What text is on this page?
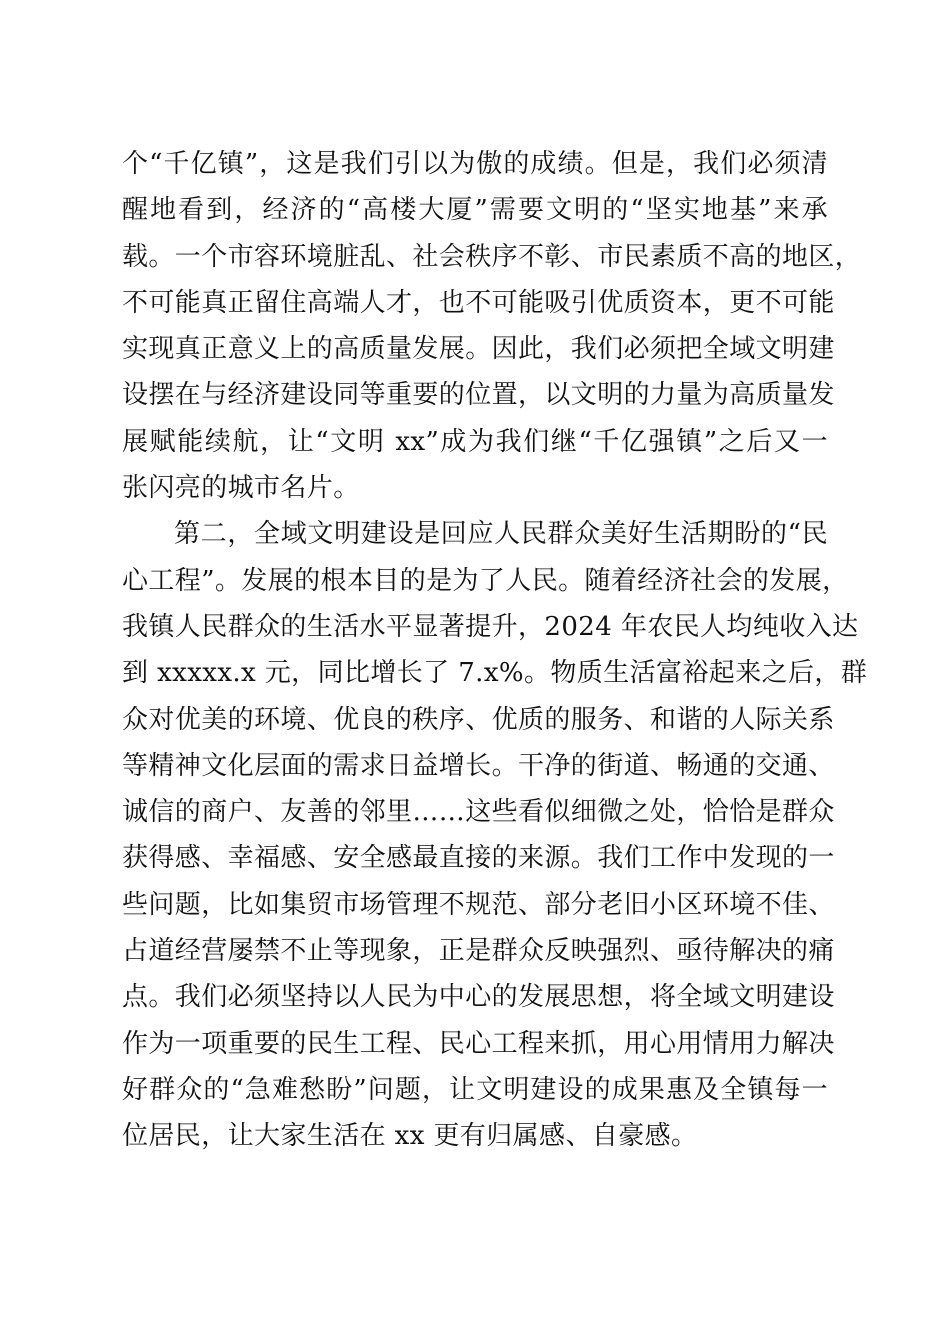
个“千亿镇”，这是我们引以为傲的成绩。但是，我们必须清
醒地看到，经济的“高楼大厦”需要文明的“坚实地基”来承
载。一个市容环境脏乱、社会秩序不彰、市民素质不高的地区，
不可能真正留住高端人才，也不可能吸引优质资本，更不可能
实现真正意义上的高质量发展。因此，我们必须把全域文明建
设摆在与经济建设同等重要的位置，以文明的力量为高质量发
展赋能续航，让“文明 xx”成为我们继“千亿强镇”之后又一
张闪亮的城市名片。
第二，全域文明建设是回应人民群众美好生活期盼的“民
心工程”。发展的根本目的是为了人民。随着经济社会的发展，
我镇人民群众的生活水平显著提升，2024 年农民人均纯收入达
到 xxxxx.x 元，同比增长了 7.x%。物质生活富裕起来之后，群
众对优美的环境、优良的秩序、优质的服务、和谐的人际关系
等精神文化层面的需求日益增长。干净的街道、畅通的交通、
诚信的商户、友善的邻里……这些看似细微之处，恰恰是群众
获得感、幸福感、安全感最直接的来源。我们工作中发现的一
些问题，比如集贸市场管理不规范、部分老旧小区环境不佳、
占道经营屡禁不止等现象，正是群众反映强烈、亟待解决的痛
点。我们必须坚持以人民为中心的发展思想，将全域文明建设
作为一项重要的民生工程、民心工程来抓，用心用情用力解决
好群众的“急难愁盼”问题，让文明建设的成果惠及全镇每一
位居民，让大家生活在 xx 更有归属感、自豪感。
